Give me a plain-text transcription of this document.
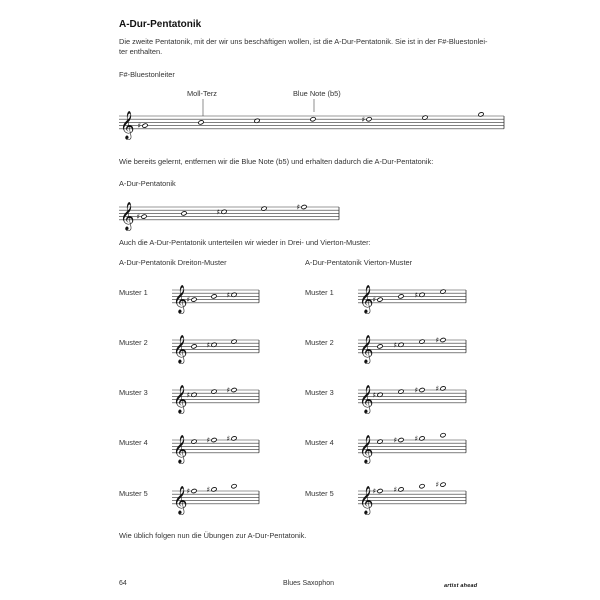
A-Dur-Pentatonik
Die zweite Pentatonik, mit der wir uns beschäftigen wollen, ist die A-Dur-Pentatonik. Sie ist in der F#-Bluestonlei-
ter enthalten.
F#-Bluestonleiter
Moll-Terz	Blue Note (b5)
𝄞 ♯
♯
Wie bereits gelernt, entfernen wir die Blue Note (b5) und erhalten dadurch die A-Dur-Pentatonik:
A-Dur-Pentatonik
𝄞 ♯
♯
♯
Auch die A-Dur-Pentatonik unterteilen wir wieder in Drei- und Vierton-Muster:
A-Dur-Pentatonik Dreiton-Muster	A-Dur-Pentatonik Vierton-Muster
Muster 1	Muster 1
𝄞 ♯
♯	𝄞 ♯
♯
Muster 2	Muster 2
𝄞	♯	𝄞	♯
♯
Muster 3	Muster 3
𝄞 ♯
♯	𝄞 ♯
♯ ♯
Muster 4	Muster 4
𝄞	♯ ♯	𝄞	♯ ♯
Muster 5	Muster 5
𝄞 ♯ ♯	𝄞 ♯ ♯
♯
Wie üblich folgen nun die Übungen zur A-Dur-Pentatonik.
64	Blues Saxophon	artist ahead
